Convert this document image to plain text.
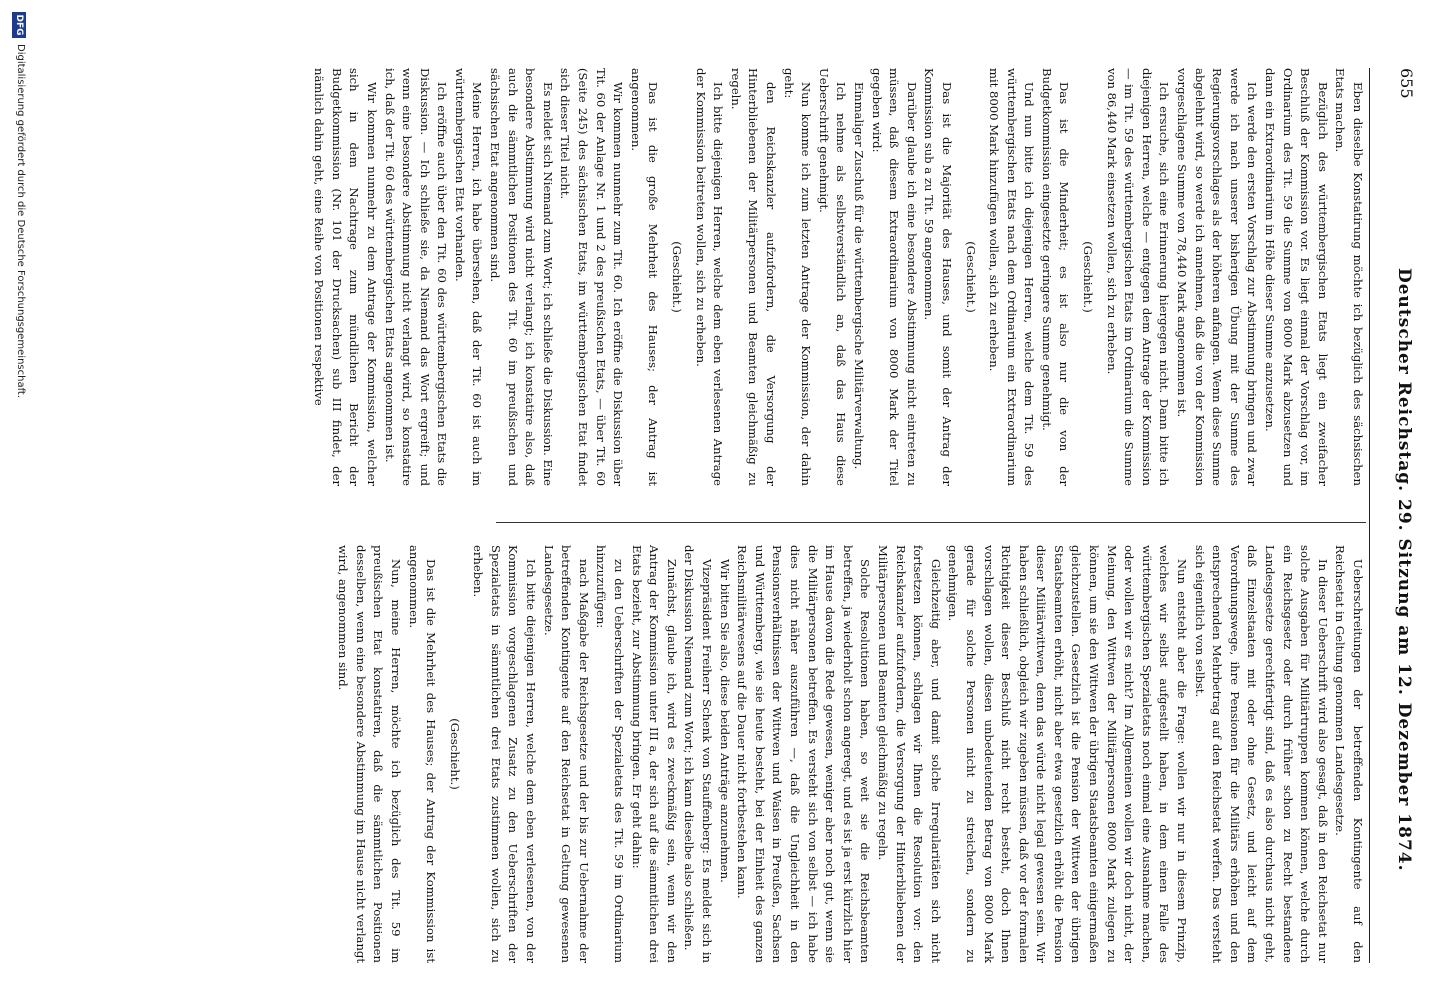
655
Deutscher Reichstag. 29. Sitzung am 12. Dezember 1874.

Eben dieselbe Konstatirung möchte ich bezüglich des sächsischen Etats machen.

Bezüglich des württembergischen Etats liegt ein zweifacher Beschluß der Kommission vor. Es liegt einmal der Vorschlag vor, im Ordinarium des Tit. 59 die Summe von 8000 Mark abzusetzen und dann ein Extraordinarium in Höhe dieser Summe anzusetzen.

Ich werde den ersten Vorschlag zur Abstimmung bringen und zwar werde ich nach unserer bisherigen Übung mit der Summe des Regierungsvorschlages als der höheren anfangen. Wenn diese Summe abgelehnt wird, so werde ich annehmen, daß die von der Kommission vorgeschlagene Summe von 78,440 Mark angenommen ist.

Ich ersuche, sich eine Erinnerung hiergegen nicht. Dann bitte ich diejenigen Herren, welche — entgegen dem Antrage der Kommission — im Tit. 59 des württembergischen Etats im Ordinarium die Summe von 86,440 Mark einsetzen wollen, sich zu erheben.

(Geschieht.)

Das ist die Minderheit; es ist also nur die von der Budgetkommission eingesetzte geringere Summe genehmigt.

Und nun bitte ich diejenigen Herren, welche dem Tit. 59 des württembergischen Etats nach dem Ordinarium ein Extraordinarium mit 8000 Mark hinzufügen wollen, sich zu erheben.

(Geschieht.)

Das ist die Majorität des Hauses, und somit der Antrag der Kommission sub a zu Tit. 59 angenommen.

Darüber glaube ich eine besondere Abstimmung nicht eintreten zu müssen, daß diesem Extraordinarium von 8000 Mark der Titel gegeben wird:

Einmaliger Zuschuß für die württembergische Militärverwaltung.

Ich nehme als selbstverständlich an, daß das Haus diese Ueberschrift genehmigt.

Nun komme ich zum letzten Antrage der Kommission, der dahin geht:

den Reichskanzler aufzufordern, die Versorgung der Hinterbliebenen der Militärpersonen und Beamten gleichmäßig zu regeln.

Ich bitte diejenigen Herren, welche dem eben verlesenen Antrage der Kommission beitreten wollen, sich zu erheben.

(Geschieht.)

Das ist die große Mehrheit des Hauses; der Antrag ist angenommen.

Wir kommen nunmehr zum Tit. 60. Ich eröffne die Diskussion über Tit. 60 der Anlage Nr. 1 und 2 des preußischen Etats, — über Tit. 60 (Seite 245) des sächsischen Etats, im württembergischen Etat findet sich dieser Titel nicht.

Es meldet sich Niemand zum Wort; ich schließe die Diskussion. Eine besondere Abstimmung wird nicht verlangt; ich konstatire also, daß auch die sämmtlichen Positionen des Tit. 60 im preußischen und sächsischen Etat angenommen sind.

Meine Herren, ich habe übersehen, daß der Tit. 60 ist auch im württembergischen Etat vorhanden.

Ich eröffne auch über den Tit. 60 des württembergischen Etats die Diskussion. — Ich schließe sie, da Niemand das Wort ergreift; und wenn eine besondere Abstimmung nicht verlangt wird, so konstatire ich, daß der Tit. 60 des württembergischen Etats angenommen ist.

Wir kommen nunmehr zu dem Antrage der Kommission, welcher sich in dem Nachtrage zum mündlichen Bericht der Budgetkommission (Nr. 101 der Drucksachen) sub III findet, der nämlich dahin geht, eine Reihe von Positionen respektive

Ueberschreitungen der betreffenden Kontingente auf den Reichsetat in Geltung genommen Landesgesetze.

In dieser Ueberschrift wird also gesagt, daß in den Reichsetat nur solche Ausgaben für Militärtruppen kommen können, welche durch ein Reichsgesetz oder durch früher schon zu Recht bestandene Landesgesetze gerechtfertigt sind, daß es also durchaus nicht geht, daß Einzelstaaten mit oder ohne Gesetz, und leicht auf dem Verordnungswege, ihre Pensionen für die Militärs erhöhen und den entsprechenden Mehrbetrag auf den Reichsetat werfen. Das versteht sich eigentlich von selbst.

Nun entsteht aber die Frage: wollen wir nur in diesem Prinzip, welches wir selbst aufgestellt haben, in dem einen Falle des württembergischen Spezialetats noch einmal eine Ausnahme machen, oder wollen wir es nicht? Im Allgemeinen wollen wir doch nicht, der Meinung, den Wittwen der Militärpersonen 8000 Mark zulegen zu können, um sie den Wittwen der übrigen Staatsbeamten einigermaßen gleichzustellen. Gesetzlich ist die Pension der Wittwen der übrigen Staatsbeamten erhöht, nicht aber etwa gesetzlich erhöht die Pension dieser Militärwittwen, denn das würde nicht legal gewesen sein. Wir haben schließlich, obgleich wir zugeben müssen, daß vor der formalen Richtigkeit dieser Beschluß nicht recht besteht, doch Ihnen vorschlagen wollen, diesen unbedeutenden Betrag von 8000 Mark gerade für solche Personen nicht zu streichen, sondern zu genehmigen.

Gleichzeitig aber, und damit solche Irregularitäten sich nicht fortsetzen können, schlagen wir Ihnen die Resolution vor: den Reichskanzler aufzufordern, die Versorgung der Hinterbliebenen der Militärpersonen und Beamten gleichmäßig zu regeln.

Solche Resolutionen haben, so weit sie die Reichsbeamten betreffen, ja wiederholt schon angeregt, und es ist ja erst kürzlich hier im Hause davon die Rede gewesen, weniger aber noch gut, wenn sie die Militärpersonen betreffen. Es versteht sich von selbst — ich habe dies nicht näher auszuführen —, daß die Ungleichheit in den Pensionsverhältnissen der Wittwen und Waisen in Preußen, Sachsen und Württemberg, wie sie heute besteht, bei der Einheit des ganzen Reichsmilitärwesens auf die Dauer nicht fortbestehen kann.

Wir bitten Sie also, diese beiden Anträge anzunehmen.

Vizepräsident Freiherr Schenk von Stauffenberg: Es meldet sich in der Diskussion Niemand zum Wort; ich kann dieselbe also schließen.

Zunächst, glaube ich, wird es zweckmäßig sein, wenn wir den Antrag der Kommission unter III a, der sich auf die sämmtlichen drei Etats bezieht, zur Abstimmung bringen. Er geht dahin:

zu den Ueberschriften der Spezialetats des Tit. 59 im Ordinarium hinzuzufügen:

nach Maßgabe der Reichsgesetze und der bis zur Uebernahme der betreffenden Kontingente auf den Reichsetat in Geltung gewesenen Landesgesetze.

Ich bitte diejenigen Herren, welche dem eben verlesenen, von der Kommission vorgeschlagenen Zusatz zu den Ueberschriften der Spezialetats in sämmtlichen drei Etats zustimmen wollen, sich zu erheben.

(Geschieht.)

Das ist die Mehrheit des Hauses; der Antrag der Kommission ist angenommen.

Nun, meine Herren, möchte ich bezüglich des Tit. 59 im preußischen Etat konstatiren, daß die sämmtlichen Positionen desselben, wenn eine besondere Abstimmung im Hause nicht verlangt wird, angenommen sind.

DFG
Digitalisierung gefördert durch die Deutsche Forschungsgemeinschaft.
